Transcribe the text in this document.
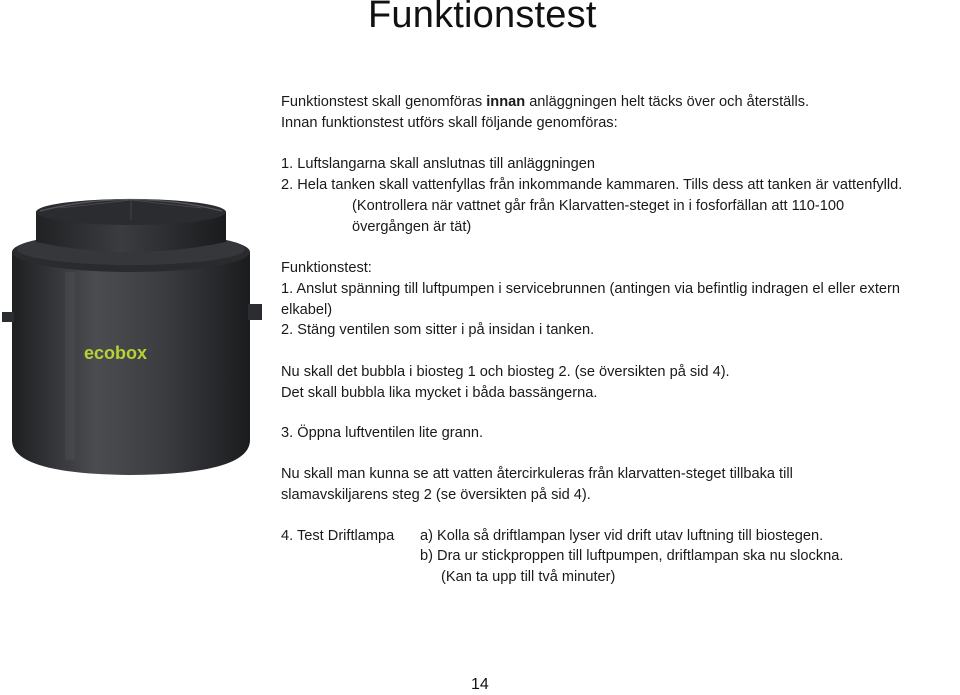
Funktionstest
Funktionstest skall genomföras innan anläggningen helt täcks över och återställs.
Innan funktionstest utförs skall följande genomföras:
1. Luftslangarna skall anslutnas till anläggningen
2. Hela tanken skall vattenfyllas från inkommande kammaren. Tills dess att tanken är vattenfylld.
(Kontrollera när vattnet går från Klarvatten-steget in i fosforfällan att 110-100
övergången är tät)
Funktionstest:
1. Anslut spänning till luftpumpen i servicebrunnen (antingen via befintlig indragen el eller extern
elkabel)
2. Stäng ventilen som sitter i på insidan i tanken.
Nu skall det bubbla i biosteg 1 och biosteg 2. (se översikten på sid 4).
Det skall bubbla lika mycket i båda bassängerna.
3. Öppna luftventilen lite grann.
Nu skall man kunna se att vatten återcirkuleras från klarvatten-steget tillbaka till
slamavskiljarens steg 2 (se översikten på sid 4).
4. Test Driftlampa a) Kolla så driftlampan lyser vid drift utav luftning till biostegen.
b) Dra ur stickproppen till luftpumpen, driftlampan ska nu slockna.
(Kan ta upp till två minuter)
ecobox
14
